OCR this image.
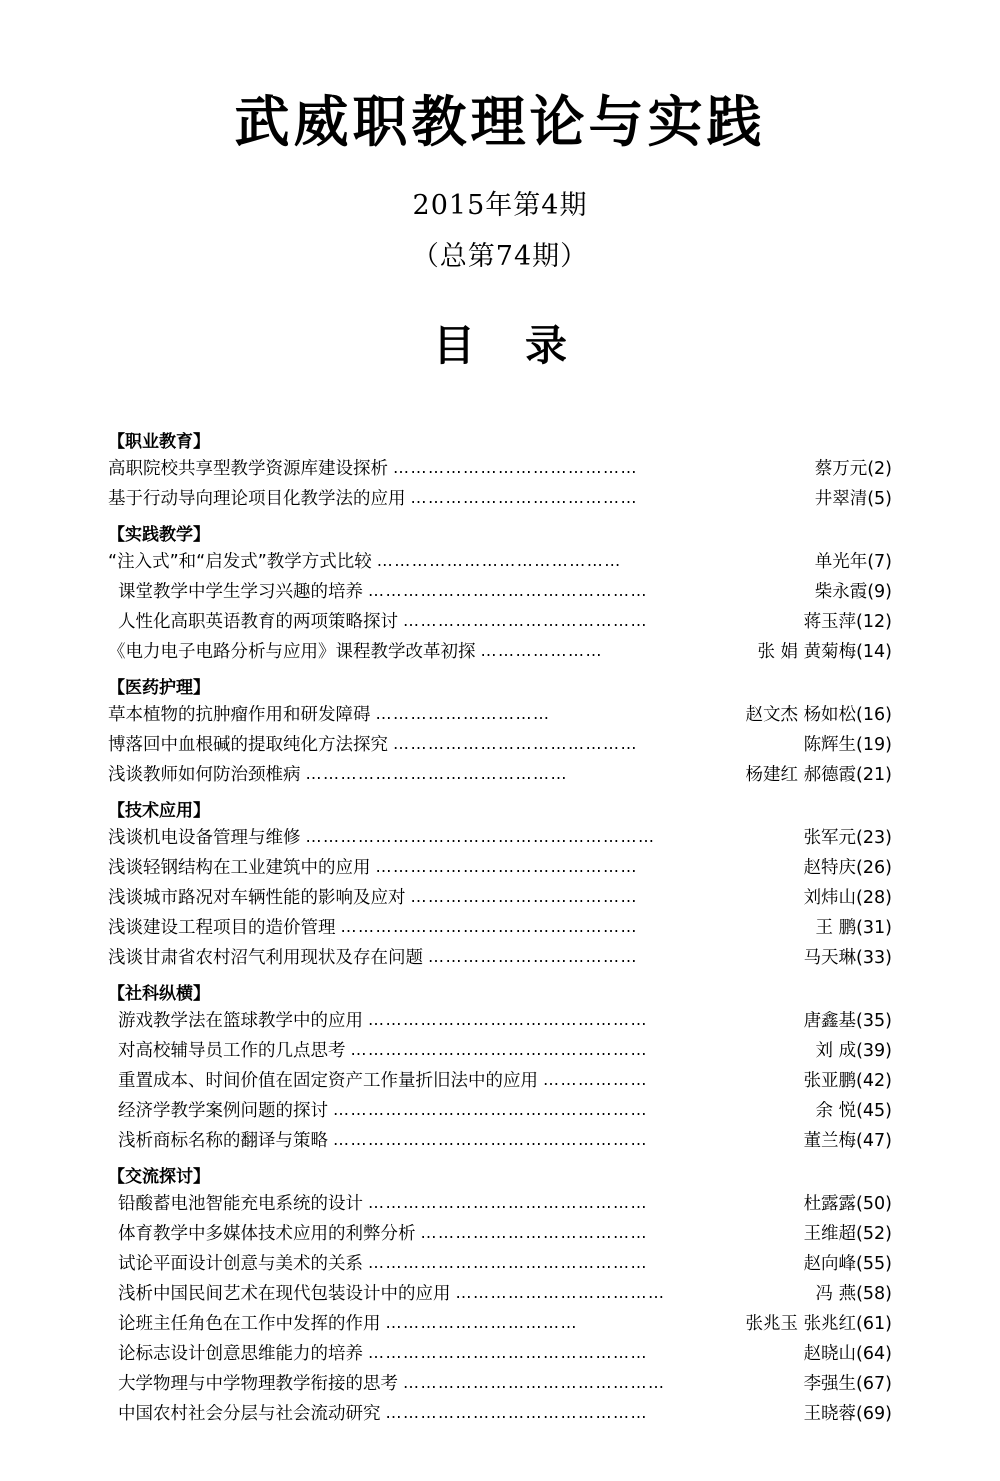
武威职教理论与实践
2015年第4期
（总第74期）
目录
【职业教育】
高职院校共享型教学资源库建设探析 ……………………………………	蔡万元(2)
基于行动导向理论项目化教学法的应用 …………………………………	井翠清(5)
【实践教学】
“注入式”和“启发式”教学方式比较 ……………………………………	单光年(7)
课堂教学中学生学习兴趣的培养 …………………………………………	柴永霞(9)
人性化高职英语教育的两项策略探讨 ……………………………………	蒋玉萍(12)
《电力电子电路分析与应用》课程教学改革初探 …………………	张 娟 黄菊梅(14)
【医药护理】
草本植物的抗肿瘤作用和研发障碍 …………………………	赵文杰 杨如松(16)
博落回中血根碱的提取纯化方法探究 ……………………………………	陈辉生(19)
浅谈教师如何防治颈椎病 ………………………………………	杨建红 郝德霞(21)
【技术应用】
浅谈机电设备管理与维修 ……………………………………………………	张军元(23)
浅谈轻钢结构在工业建筑中的应用 ………………………………………	赵特庆(26)
浅谈城市路况对车辆性能的影响及应对 …………………………………	刘炜山(28)
浅谈建设工程项目的造价管理 ……………………………………………	王 鹏(31)
浅谈甘肃省农村沼气利用现状及存在问题 ………………………………	马天琳(33)
【社科纵横】
游戏教学法在篮球教学中的应用 …………………………………………	唐鑫基(35)
对高校辅导员工作的几点思考 ……………………………………………	刘 成(39)
重置成本、时间价值在固定资产工作量折旧法中的应用 ………………	张亚鹏(42)
经济学教学案例问题的探讨 ………………………………………………	余 悦(45)
浅析商标名称的翻译与策略 ………………………………………………	董兰梅(47)
【交流探讨】
铅酸蓄电池智能充电系统的设计 …………………………………………	杜露露(50)
体育教学中多媒体技术应用的利弊分析 …………………………………	王维超(52)
试论平面设计创意与美术的关系 …………………………………………	赵向峰(55)
浅析中国民间艺术在现代包装设计中的应用 ………………………………	冯 燕(58)
论班主任角色在工作中发挥的作用 ……………………………	张兆玉 张兆红(61)
论标志设计创意思维能力的培养 …………………………………………	赵晓山(64)
大学物理与中学物理教学衔接的思考 ………………………………………	李强生(67)
中国农村社会分层与社会流动研究 ………………………………………	王晓蓉(69)
